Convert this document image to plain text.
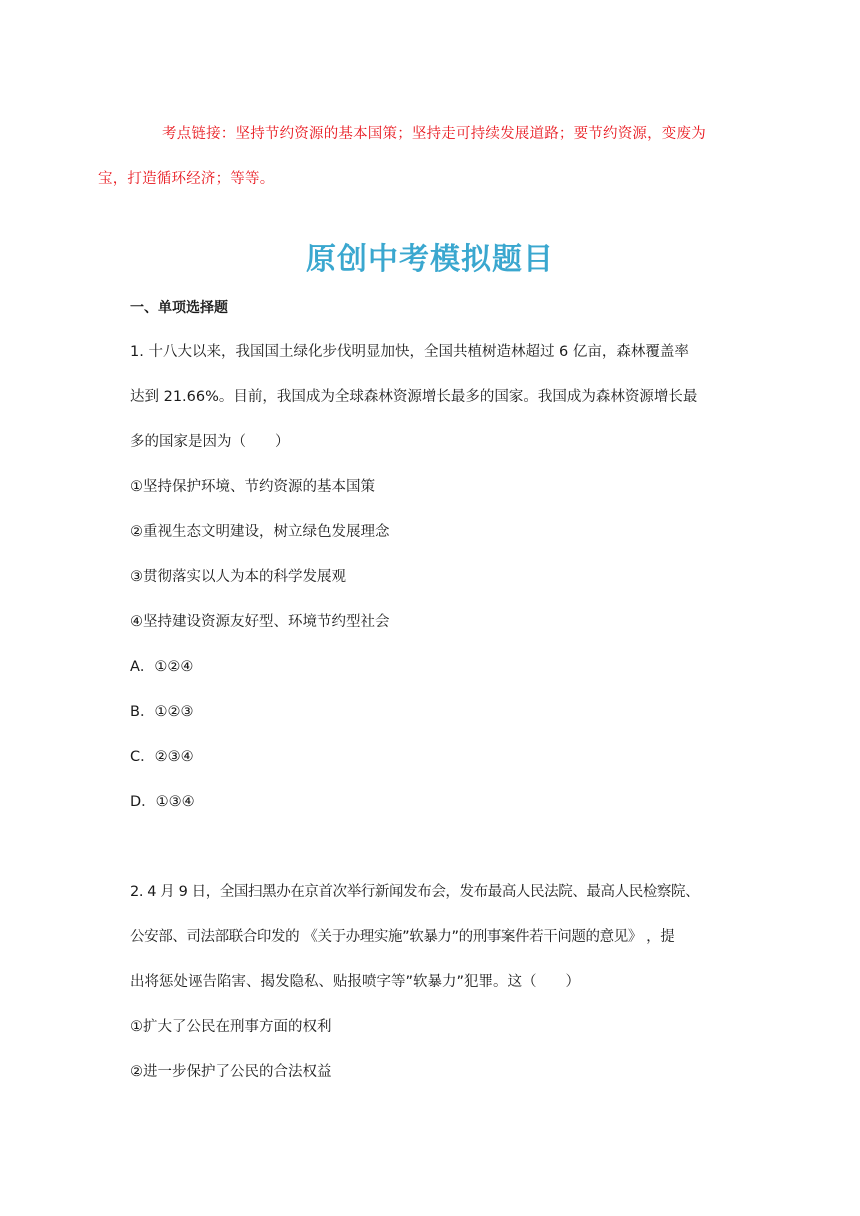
考点链接：坚持节约资源的基本国策；坚持走可持续发展道路；要节约资源，变废为
宝，打造循环经济；等等。
原创中考模拟题目
一、单项选择题
1. 十八大以来，我国国土绿化步伐明显加快，全国共植树造林超过 6 亿亩，森林覆盖率
达到 21.66%。目前，我国成为全球森林资源增长最多的国家。我国成为森林资源增长最
多的国家是因为（　　）
①坚持保护环境、节约资源的基本国策
②重视生态文明建设，树立绿色发展理念
③贯彻落实以人为本的科学发展观
④坚持建设资源友好型、环境节约型社会
A．①②④
B．①②③
C．②③④
D．①③④
2. 4 月 9 日，全国扫黑办在京首次举行新闻发布会，发布最高人民法院、最高人民检察院、
公安部、司法部联合印发的 《关于办理实施”软暴力”的刑事案件若干问题的意见》 ，提
出将惩处诬告陷害、揭发隐私、贴报喷字等”软暴力”犯罪。这（　　）
①扩大了公民在刑事方面的权利
②进一步保护了公民的合法权益
